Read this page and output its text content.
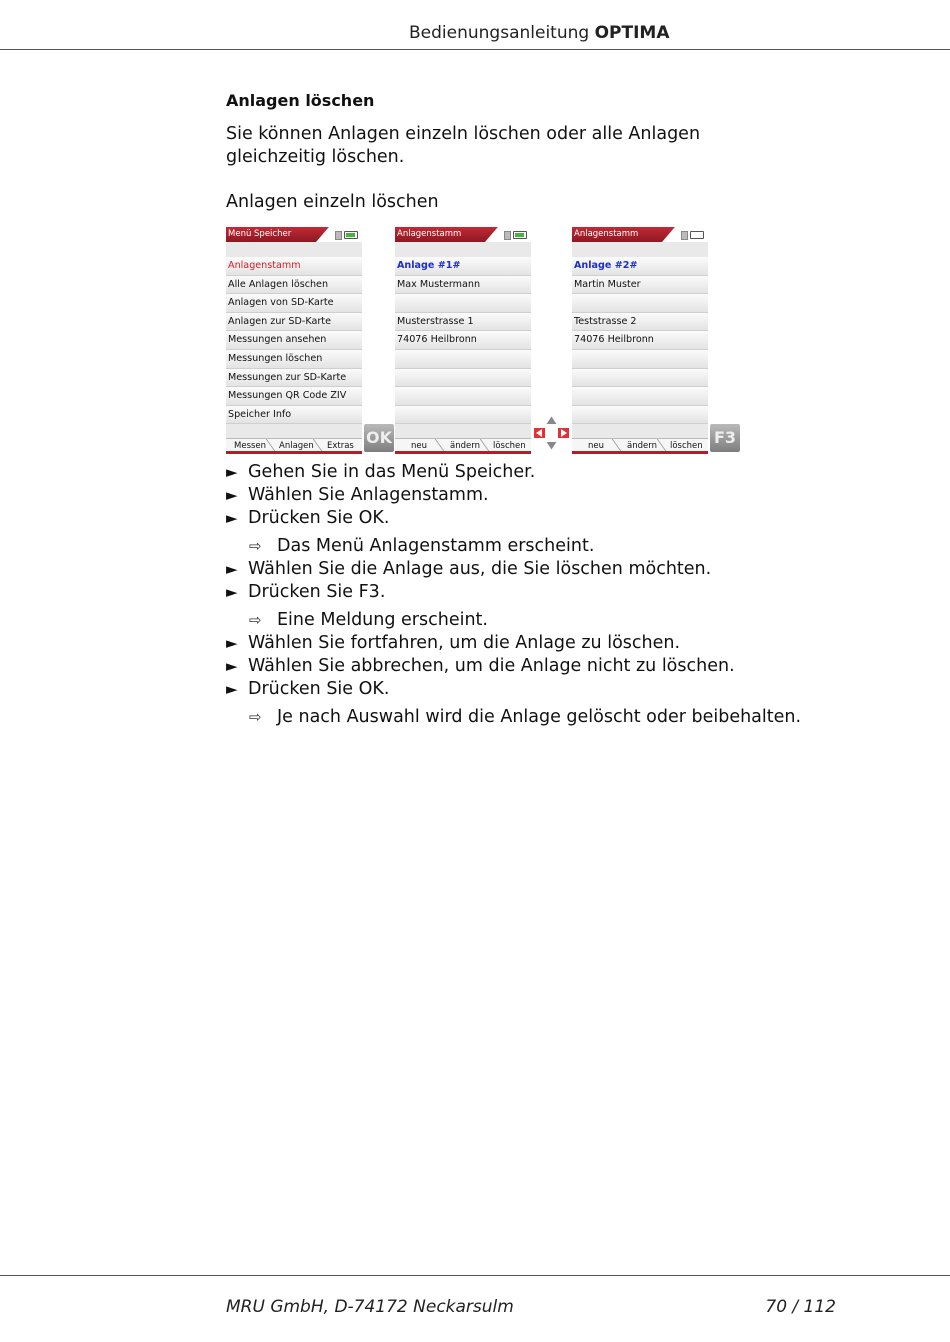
Bedienungsanleitung OPTIMA
Anlagen löschen
Sie können Anlagen einzeln löschen oder alle Anlagen gleichzeitig löschen.
Anlagen einzeln löschen
Menü Speicher
Anlagenstamm
Alle Anlagen löschen
Anlagen von SD-Karte
Anlagen zur SD-Karte
Messungen ansehen
Messungen löschen
Messungen zur SD-Karte
Messungen QR Code ZIV
Speicher Info
Messen Anlagen Extras OK
Anlagenstamm
Anlage #1#
Max Mustermann
Musterstrasse 1
74076 Heilbronn
neu	ändern löschen
Anlagenstamm
Anlage #2#
Martin Muster
Teststrasse 2
74076 Heilbronn
neu	ändern löschen F3
► Gehen Sie in das Menü Speicher.
► Wählen Sie Anlagenstamm.
► Drücken Sie OK.
⇨ Das Menü Anlagenstamm erscheint.
► Wählen Sie die Anlage aus, die Sie löschen möchten.
► Drücken Sie F3.
⇨ Eine Meldung erscheint.
► Wählen Sie fortfahren, um die Anlage zu löschen.
► Wählen Sie abbrechen, um die Anlage nicht zu löschen.
► Drücken Sie OK.
⇨ Je nach Auswahl wird die Anlage gelöscht oder beibehalten.
MRU GmbH, D-74172 Neckarsulm	70 / 112
